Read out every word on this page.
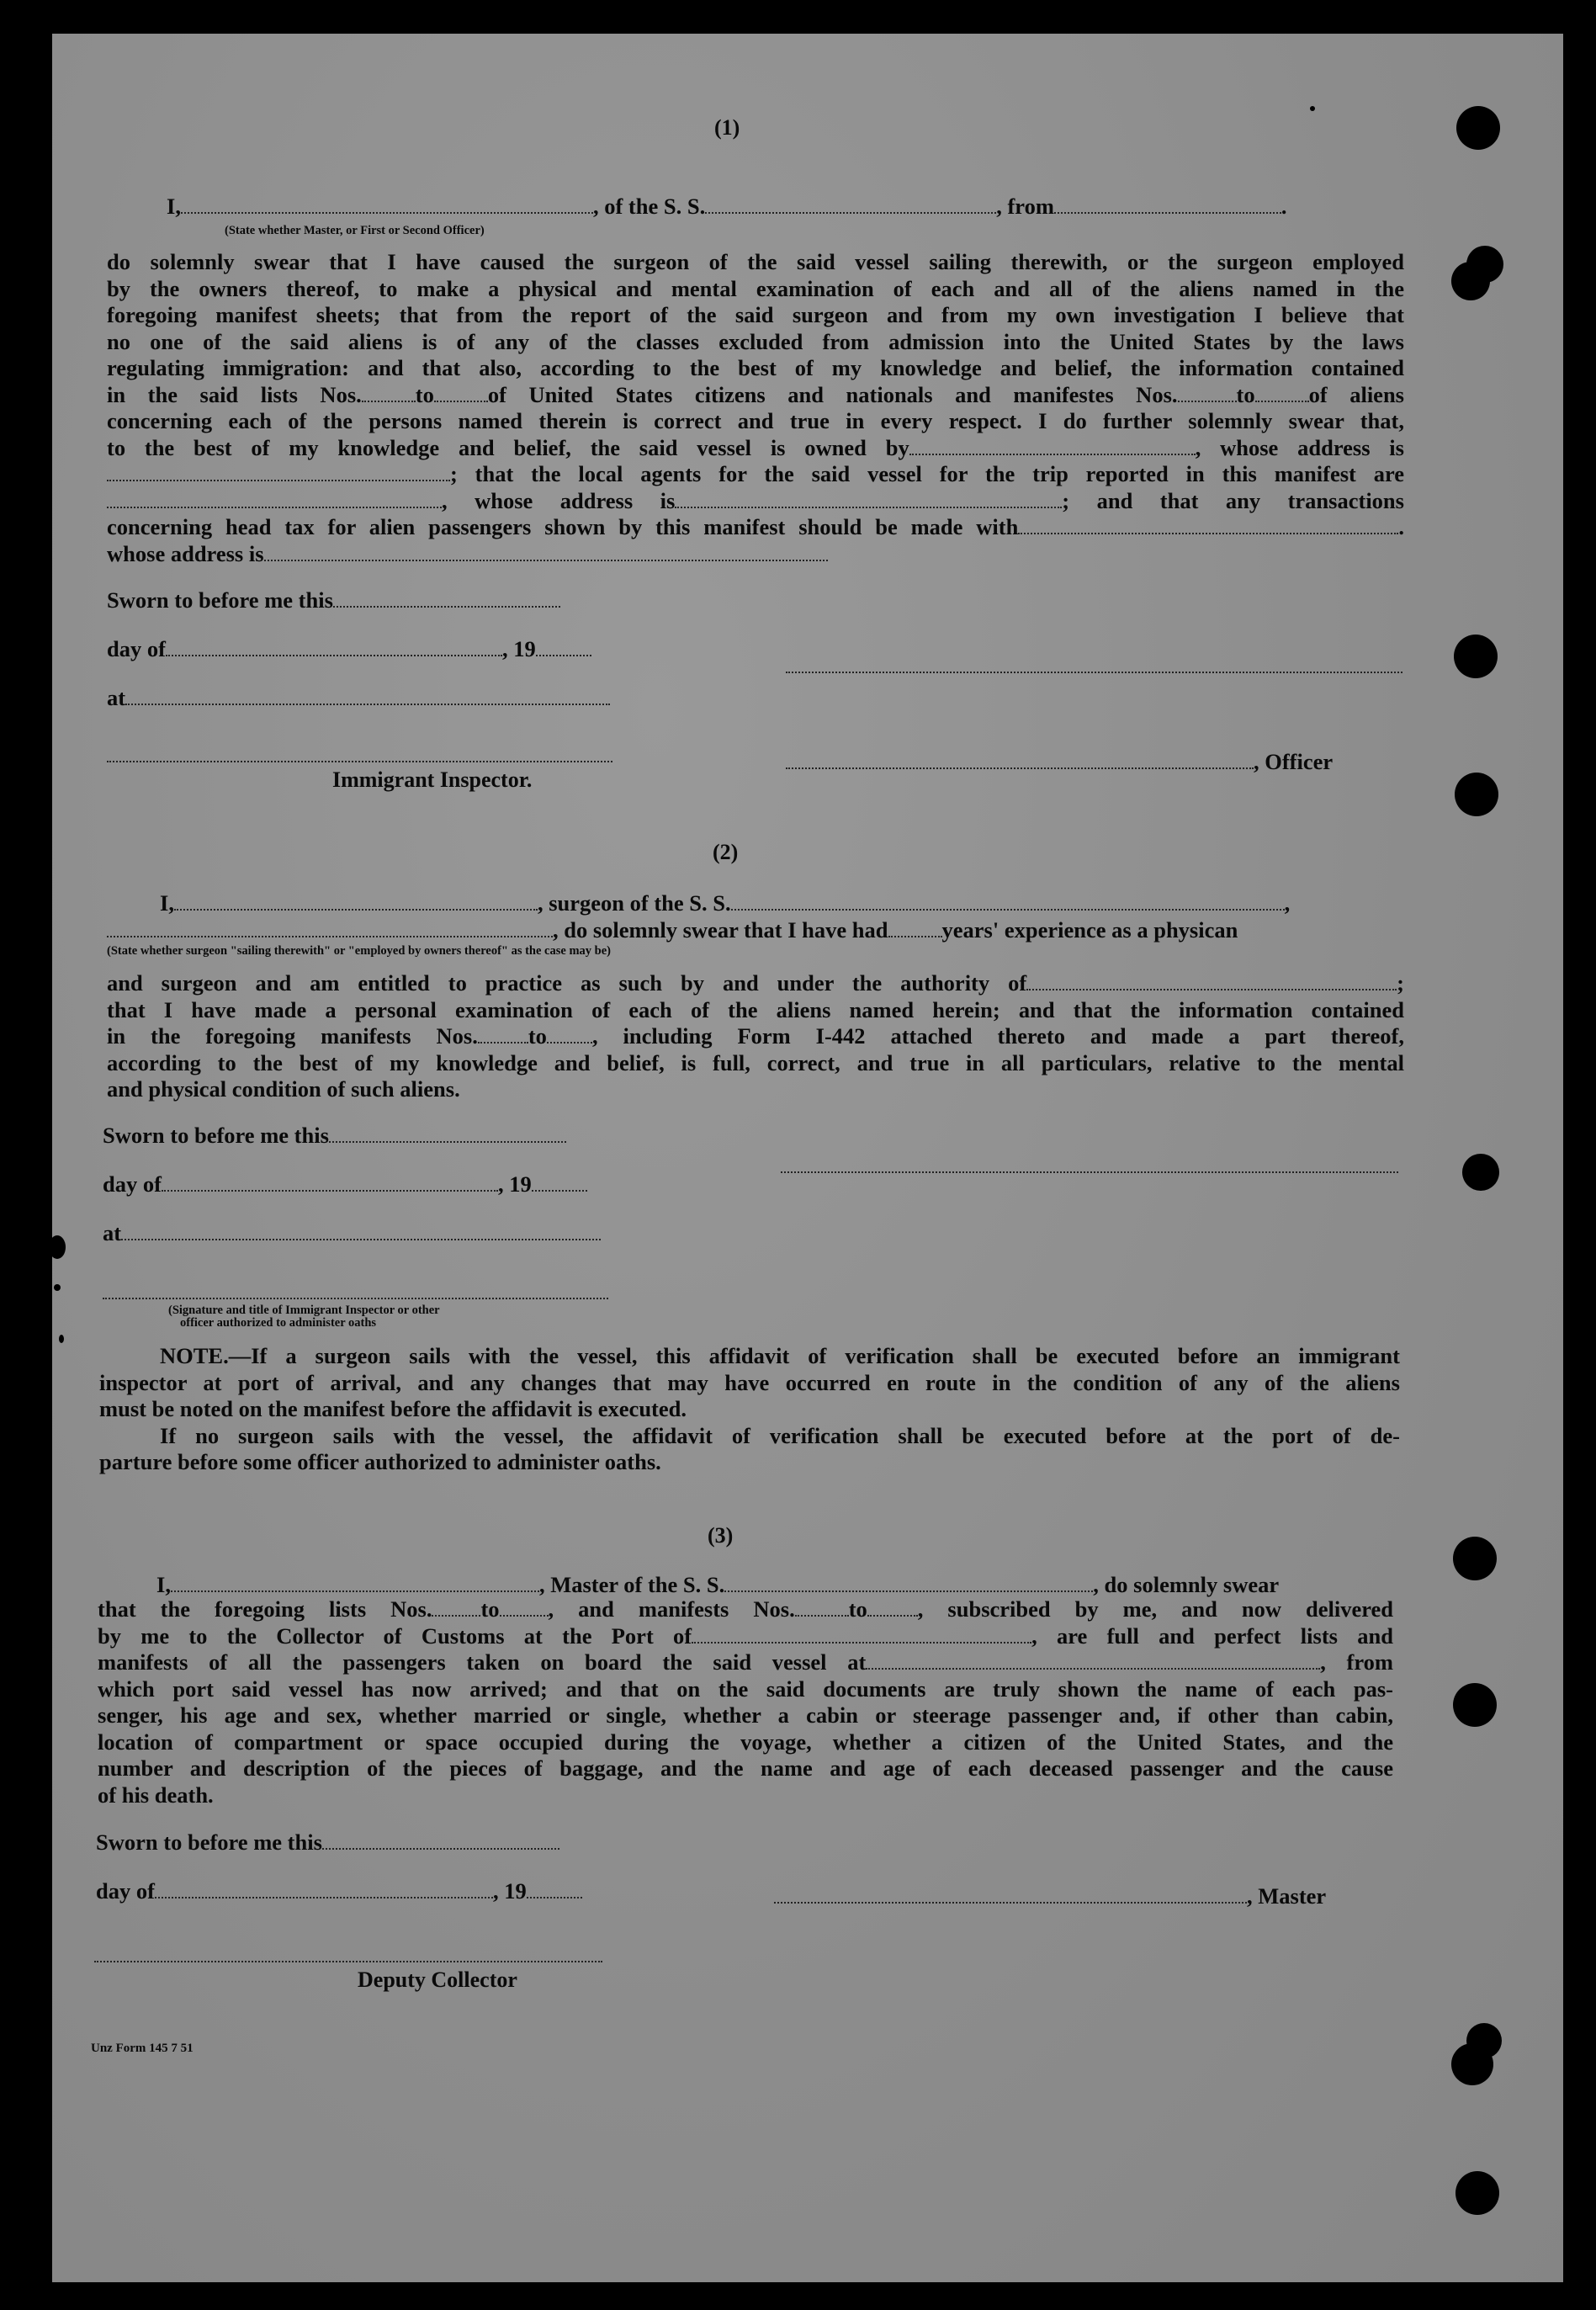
(1)
I,	, of the S. S.	, from	.
(State whether Master, or First or Second Officer)

do solemnly swear that I have caused the surgeon of the said vessel sailing therewith, or the surgeon employed

by the owners thereof, to make a physical and mental examination of each and all of the aliens named in the

foregoing manifest sheets; that from the report of the said surgeon and from my own investigation I believe that

no one of the said aliens is of any of the classes excluded from admission into the United States by the laws

regulating immigration: and that also, according to the best of my knowledge and belief, the information contained

in the said lists Nos. to of United States citizens and nationals and manifestes Nos.	to of aliens

concerning each of the persons named therein is correct and true in every respect. I do further solemnly swear that,

to the best of my knowledge and belief, the said vessel is owned by	, whose address is

; that the local agents for the said vessel for the trip reported in this manifest are

, whose address is	; and that any transactions

concerning head tax for alien passengers shown by this manifest should be made with	.

whose address is

Sworn to before me this
day of	, 19
at
, Officer
Immigrant Inspector.
(2)
I,	, surgeon of the S. S.	,
, do solemnly swear that I have had years' experience as a physican
(State whether surgeon "sailing therewith" or "employed by owners thereof" as the case may be)

and surgeon and am entitled to practice as such by and under the authority of	;

that I have made a personal examination of each of the aliens named herein; and that the information contained

in the foregoing manifests Nos. to , including Form I-442 attached thereto and made a part thereof,

according to the best of my knowledge and belief, is full, correct, and true in all particulars, relative to the mental

and physical condition of such aliens.

Sworn to before me this
day of	, 19
at
(Signature and title of Immigrant Inspector or other
officer authorized to administer oaths

NOTE.—If a surgeon sails with the vessel, this affidavit of verification shall be executed before an immigrant

inspector at port of arrival, and any changes that may have occurred en route in the condition of any of the aliens

must be noted on the manifest before the affidavit is executed.

If no surgeon sails with the vessel, the affidavit of verification shall be executed before at the port of de-

parture before some officer authorized to administer oaths.

(3)
I,	, Master of the S. S.	, do solemnly swear

that the foregoing lists Nos. to , and manifests Nos. to , subscribed by me, and now delivered

by me to the Collector of Customs at the Port of	, are full and perfect lists and

manifests of all the passengers taken on board the said vessel at	, from

which port said vessel has now arrived; and that on the said documents are truly shown the name of each pas-

senger, his age and sex, whether married or single, whether a cabin or steerage passenger and, if other than cabin,

location of compartment or space occupied during the voyage, whether a citizen of the United States, and the

number and description of the pieces of baggage, and the name and age of each deceased passenger and the cause

of his death.

Sworn to before me this
day of	, 19	, Master
Deputy Collector
Unz Form 145 7 51
